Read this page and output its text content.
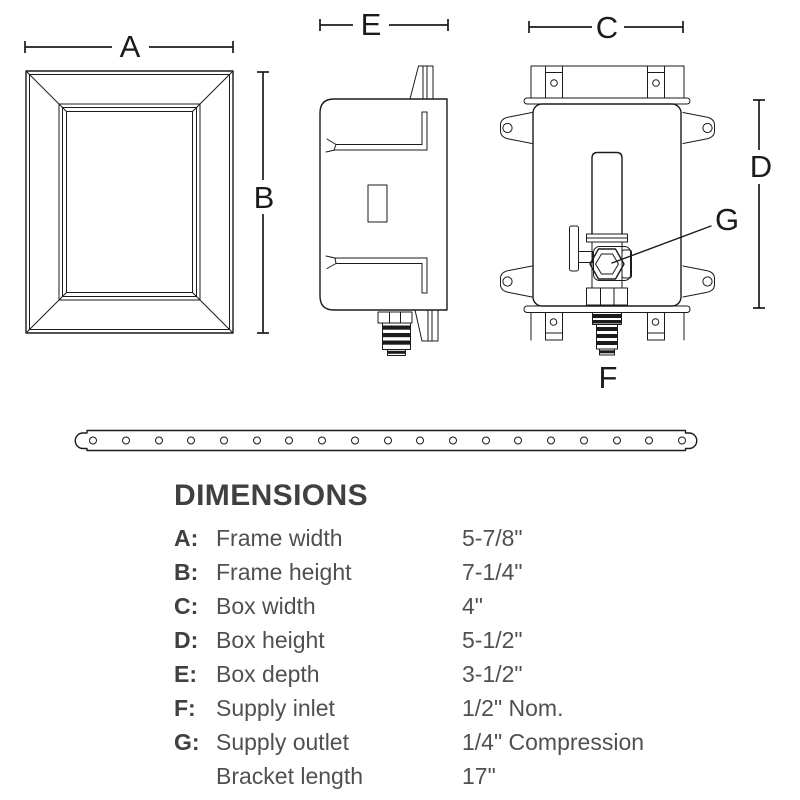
A
B
E	C
D
F
G
DIMENSIONS
A: Frame width	5-7/8"
B: Frame height	7-1/4"
C: Box width	4"
D: Box height	5-1/2"
E: Box depth	3-1/2"
F: Supply inlet	1/2" Nom.
G: Supply outlet	1/4" Compression
Bracket length	17"
